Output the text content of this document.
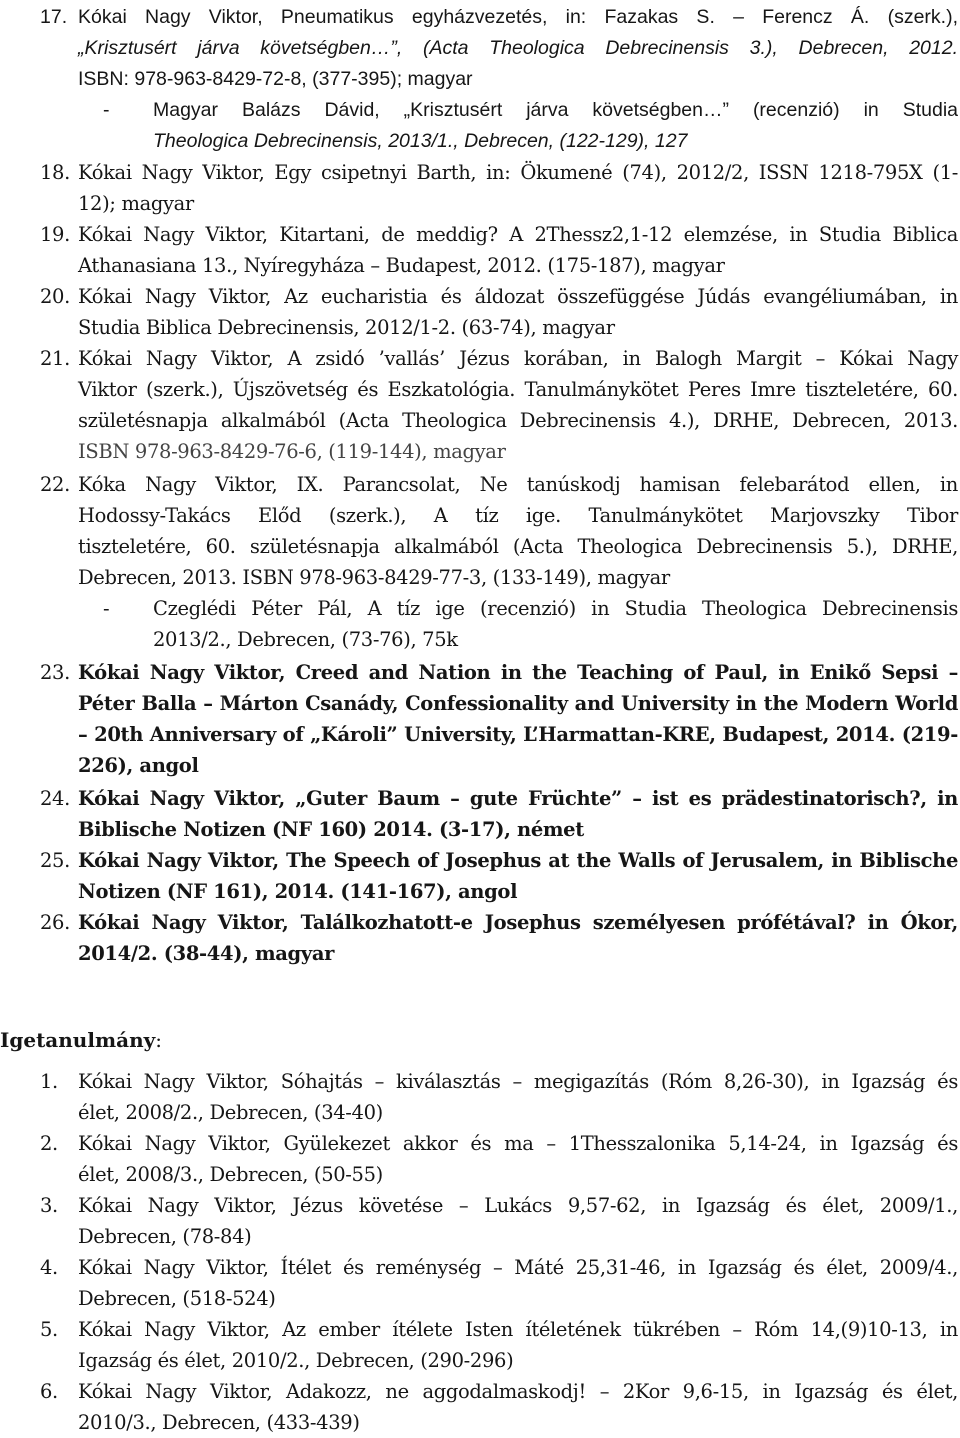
17. Kókai Nagy Viktor, Pneumatikus egyházvezetés, in: Fazakas S. – Ferencz Á. (szerk.),
„Krisztusért járva követségben…”, (Acta Theologica Debrecinensis 3.), Debrecen, 2012.
ISBN: 978-963-8429-72-8, (377-395); magyar
-	Magyar Balázs Dávid, „Krisztusért járva követségben…” (recenzió) in Studia
Theologica Debrecinensis, 2013/1., Debrecen, (122-129), 127
18. Kókai Nagy Viktor, Egy csipetnyi Barth, in: Ökumené (74), 2012/2, ISSN 1218-795X (1-
12); magyar
19. Kókai Nagy Viktor, Kitartani, de meddig? A 2Thessz2,1-12 elemzése, in Studia Biblica
Athanasiana 13., Nyíregyháza – Budapest, 2012. (175-187), magyar
20. Kókai Nagy Viktor, Az eucharistia és áldozat összefüggése Júdás evangéliumában, in
Studia Biblica Debrecinensis, 2012/1-2. (63-74), magyar
21. Kókai Nagy Viktor, A zsidó ’vallás’ Jézus korában, in Balogh Margit – Kókai Nagy
Viktor (szerk.), Újszövetség és Eszkatológia. Tanulmánykötet Peres Imre tiszteletére, 60.
születésnapja alkalmából (Acta Theologica Debrecinensis 4.), DRHE, Debrecen, 2013.
ISBN 978-963-8429-76-6, (119-144), magyar
22. Kóka Nagy Viktor, IX. Parancsolat, Ne tanúskodj hamisan felebarátod ellen, in
Hodossy-Takács Előd (szerk.), A tíz ige. Tanulmánykötet Marjovszky Tibor
tiszteletére, 60. születésnapja alkalmából (Acta Theologica Debrecinensis 5.), DRHE,
Debrecen, 2013. ISBN 978-963-8429-77-3, (133-149), magyar
-	Czeglédi Péter Pál, A tíz ige (recenzió) in Studia Theologica Debrecinensis
2013/2., Debrecen, (73-76), 75k
23. Kókai Nagy Viktor, Creed and Nation in the Teaching of Paul, in Enikő Sepsi –
Péter Balla – Márton Csanády, Confessionality and University in the Modern World
– 20th Anniversary of „Károli” University, L’Harmattan-KRE, Budapest, 2014. (219-
226), angol
24. Kókai Nagy Viktor, „Guter Baum – gute Früchte” – ist es prädestinatorisch?, in
Biblische Notizen (NF 160) 2014. (3-17), német
25. Kókai Nagy Viktor, The Speech of Josephus at the Walls of Jerusalem, in Biblische
Notizen (NF 161), 2014. (141-167), angol
26. Kókai Nagy Viktor, Találkozhatott-e Josephus személyesen prófétával? in Ókor,
2014/2. (38-44), magyar
Igetanulmány:
1.	Kókai Nagy Viktor, Sóhajtás – kiválasztás – megigazítás (Róm 8,26-30), in Igazság és
élet, 2008/2., Debrecen, (34-40)
2.	Kókai Nagy Viktor, Gyülekezet akkor és ma – 1Thesszalonika 5,14-24, in Igazság és
élet, 2008/3., Debrecen, (50-55)
3.	Kókai Nagy Viktor, Jézus követése – Lukács 9,57-62, in Igazság és élet, 2009/1.,
Debrecen, (78-84)
4.	Kókai Nagy Viktor, Ítélet és reménység – Máté 25,31-46, in Igazság és élet, 2009/4.,
Debrecen, (518-524)
5.	Kókai Nagy Viktor, Az ember ítélete Isten ítéletének tükrében – Róm 14,(9)10-13, in
Igazság és élet, 2010/2., Debrecen, (290-296)
6.	Kókai Nagy Viktor, Adakozz, ne aggodalmaskodj! – 2Kor 9,6-15, in Igazság és élet,
2010/3., Debrecen, (433-439)
